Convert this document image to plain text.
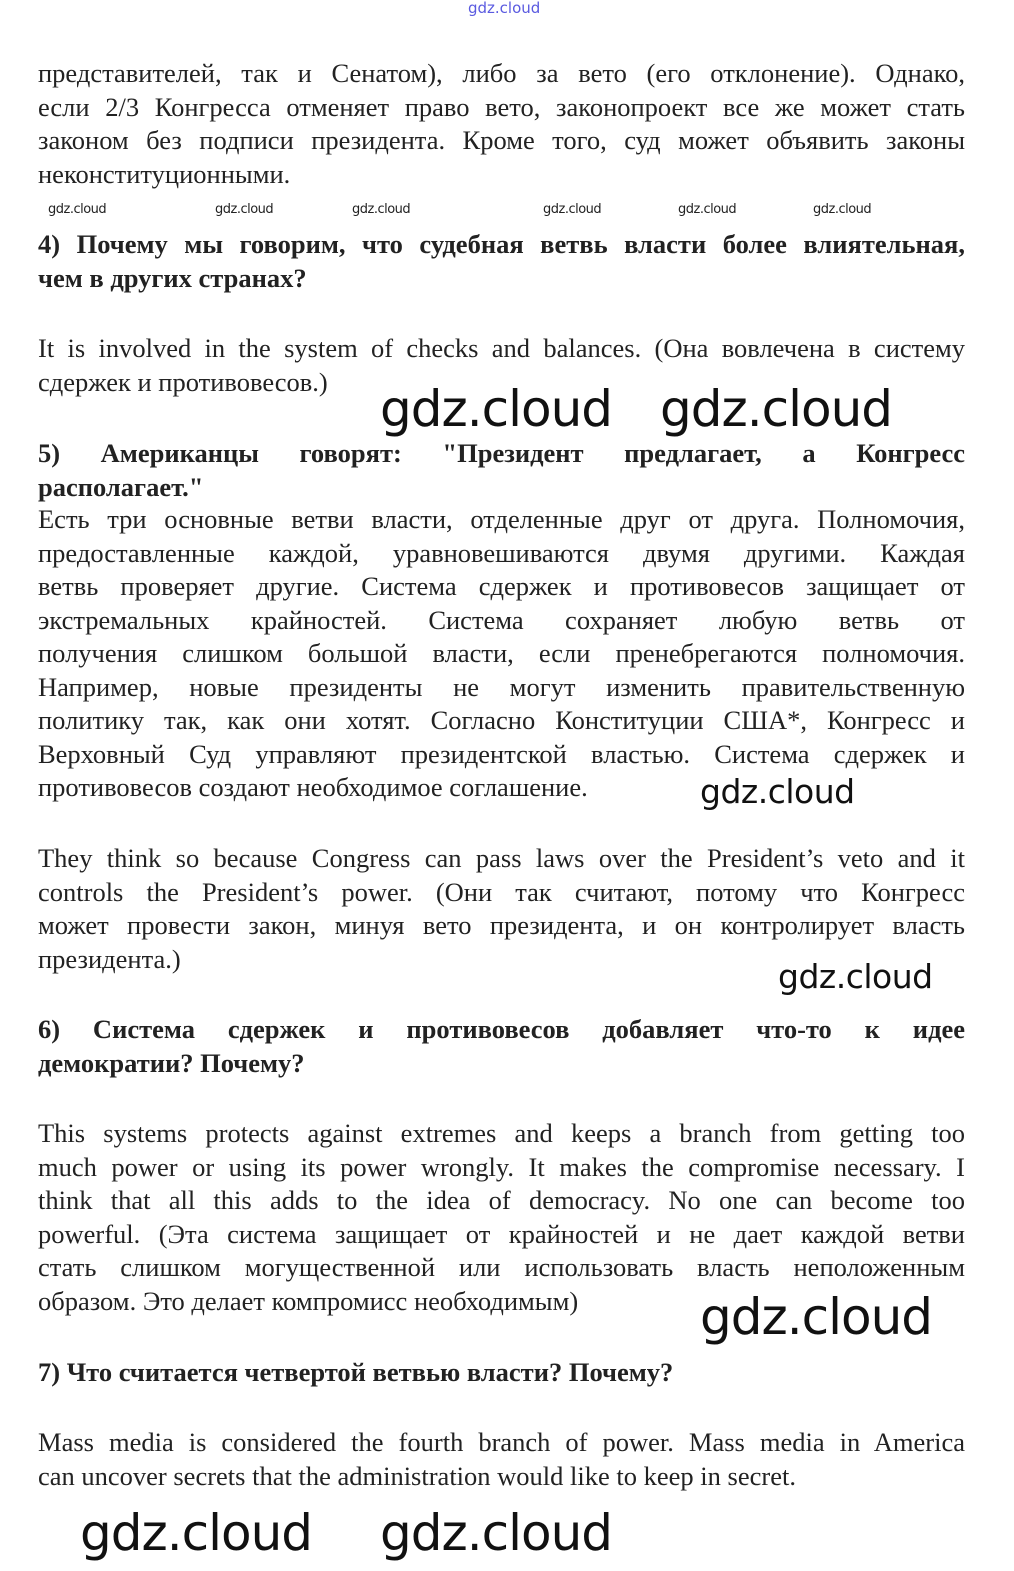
gdz.cloud
gdz.cloud	gdz.cloud	gdz.cloud	gdz.cloud	gdz.cloud	gdz.cloud
представителей, так и Сенатом), либо за вето (его отклонение). Однако,
если 2/3 Конгресса отменяет право вето, законопроект все же может стать
законом без подписи президента. Кроме того, суд может объявить законы
неконституционными.
4) Почему мы говорим, что судебная ветвь власти более влиятельная,
чем в других странах?
It is involved in the system of checks and balances. (Она вовлечена в систему
сдержек и противовесов.)
5) Американцы говорят: "Президент предлагает, а Конгресс
располагает."
Есть три основные ветви власти, отделенные друг от друга. Полномочия,
предоставленные каждой, уравновешиваются двумя другими. Каждая
ветвь проверяет другие. Система сдержек и противовесов защищает от
экстремальных крайностей. Система сохраняет любую ветвь от
получения слишком большой власти, если пренебрегаются полномочия.
Например, новые президенты не могут изменить правительственную
политику так, как они хотят. Согласно Конституции США*, Конгресс и
Верховный Суд управляют президентской властью. Система сдержек и
противовесов создают необходимое соглашение.
They think so because Congress can pass laws over the President’s veto and it
controls the President’s power. (Они так считают, потому что Конгресс
может провести закон, минуя вето президента, и он контролирует власть
президента.)
6) Система сдержек и противовесов добавляет что-то к идее
демократии? Почему?
This systems protects against extremes and keeps a branch from getting too
much power or using its power wrongly. It makes the compromise necessary. I
think that all this adds to the idea of democracy. No one can become too
powerful. (Эта система защищает от крайностей и не дает каждой ветви
стать слишком могущественной или использовать власть неположенным
образом. Это делает компромисс необходимым)
7) Что считается четвертой ветвью власти? Почему?
Mass media is considered the fourth branch of power. Mass media in America
can uncover secrets that the administration would like to keep in secret.
gdz.cloud gdz.cloud
gdz.cloud
gdz.cloud
gdz.cloud
gdz.cloud gdz.cloud
